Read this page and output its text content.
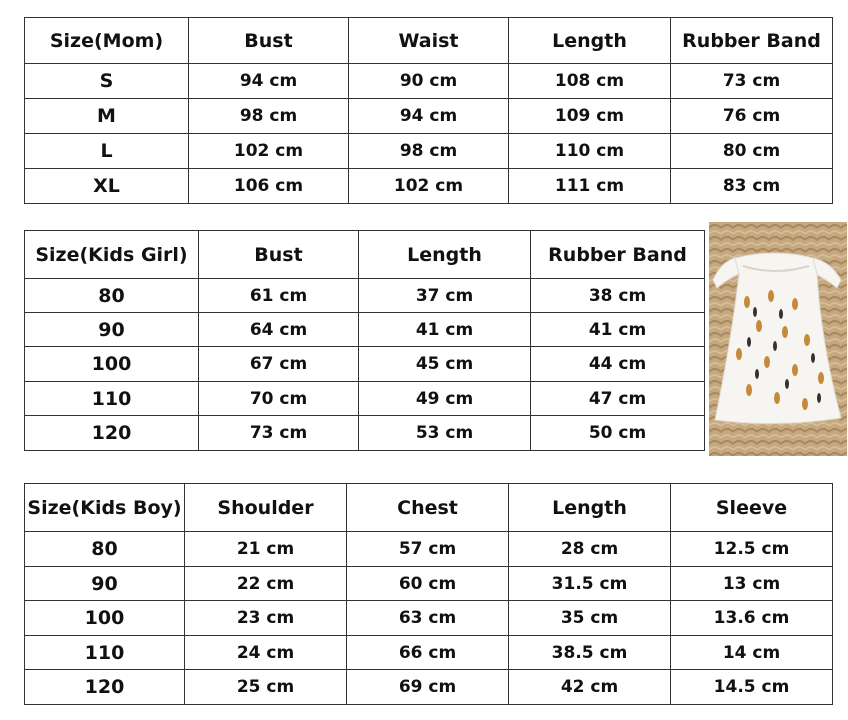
Size(Mom)	Bust	Waist	Length	Rubber Band
S	94 cm	90 cm	108 cm	73 cm
M	98 cm	94 cm	109 cm	76 cm
L	102 cm	98 cm	110 cm	80 cm
XL	106 cm	102 cm	111 cm	83 cm
Size(Kids Girl)	Bust	Length	Rubber Band
80	61 cm	37 cm	38 cm
90	64 cm	41 cm	41 cm
100	67 cm	45 cm	44 cm
110	70 cm	49 cm	47 cm
120	73 cm	53 cm	50 cm
Size(Kids Boy)	Shoulder	Chest	Length	Sleeve
80	21 cm	57 cm	28 cm	12.5 cm
90	22 cm	60 cm	31.5 cm	13 cm
100	23 cm	63 cm	35 cm	13.6 cm
110	24 cm	66 cm	38.5 cm	14 cm
120	25 cm	69 cm	42 cm	14.5 cm
